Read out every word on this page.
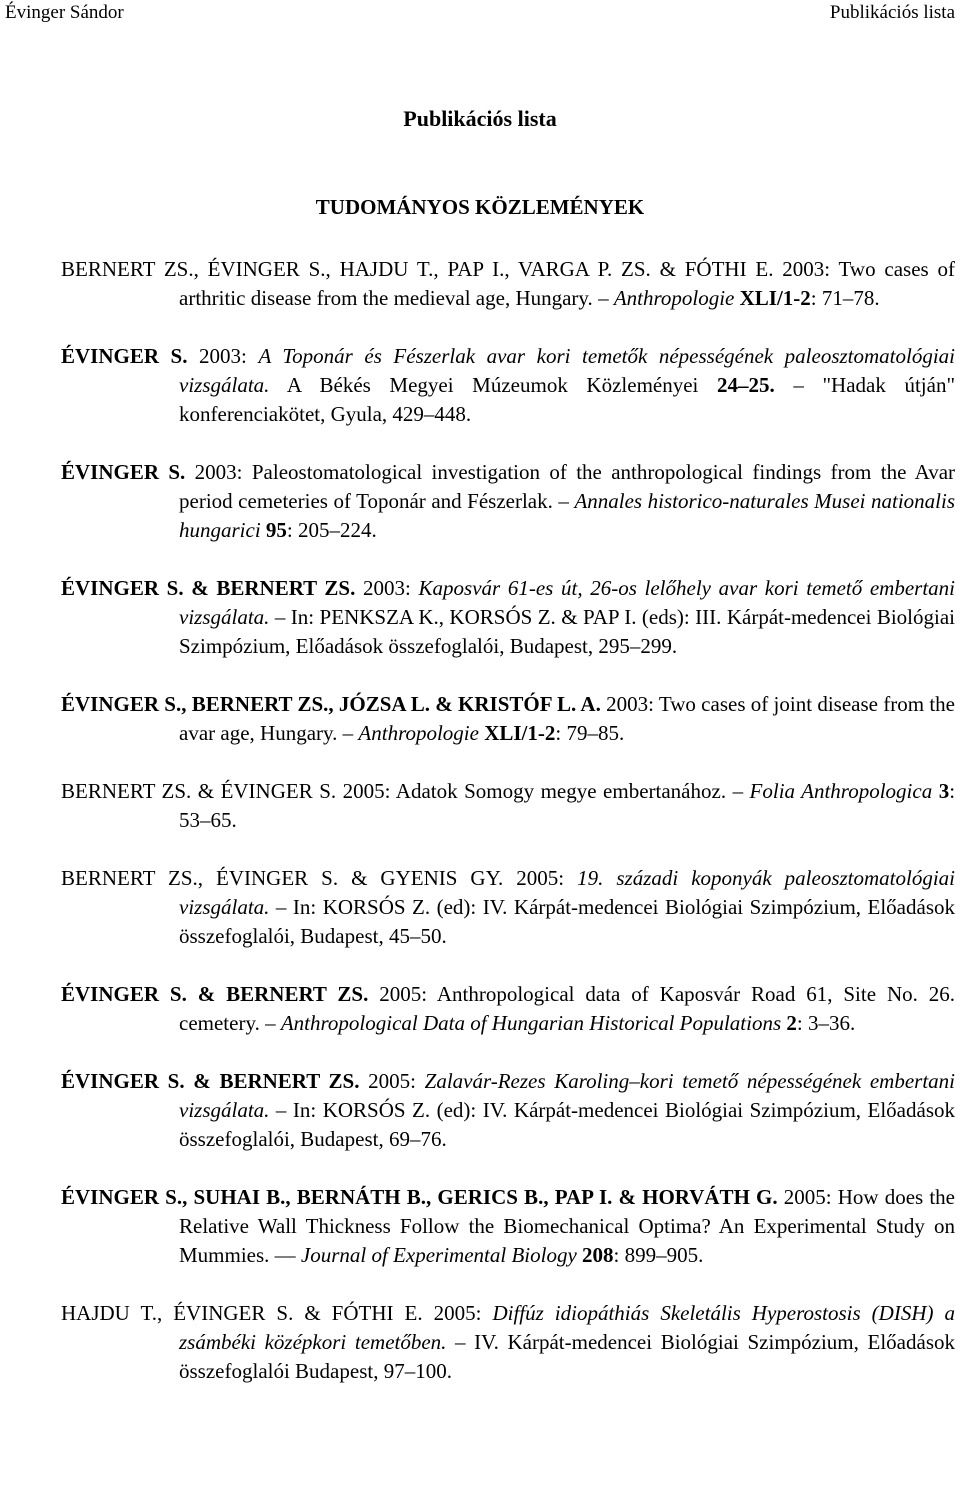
Évinger Sándor	Publikációs lista
Publikációs lista
TUDOMÁNYOS KÖZLEMÉNYEK

BERNERT ZS., ÉVINGER S., HAJDU T., PAP I., VARGA P. ZS. & FÓTHI E. 2003: Two cases of arthritic disease from the medieval age, Hungary. – Anthropologie XLI/1-2: 71–78.

ÉVINGER S. 2003: A Toponár és Fészerlak avar kori temetők népességének paleosztomatológiai vizsgálata. A Békés Megyei Múzeumok Közleményei 24–25. – "Hadak útján" konferenciakötet, Gyula, 429–448.

ÉVINGER S. 2003: Paleostomatological investigation of the anthropological findings from the Avar period cemeteries of Toponár and Fészerlak. – Annales historico-naturales Musei nationalis hungarici 95: 205–224.

ÉVINGER S. & BERNERT ZS. 2003: Kaposvár 61-es út, 26-os lelőhely avar kori temető embertani vizsgálata. – In: PENKSZA K., KORSÓS Z. & PAP I. (eds): III. Kárpát-medencei Biológiai Szimpózium, Előadások összefoglalói, Budapest, 295–299.

ÉVINGER S., BERNERT ZS., JÓZSA L. & KRISTÓF L. A. 2003: Two cases of joint disease from the avar age, Hungary. – Anthropologie XLI/1-2: 79–85.

BERNERT ZS. & ÉVINGER S. 2005: Adatok Somogy megye embertanához. – Folia Anthropologica 3: 53–65.

BERNERT ZS., ÉVINGER S. & GYENIS GY. 2005: 19. századi koponyák paleosztomatológiai vizsgálata. – In: KORSÓS Z. (ed): IV. Kárpát-medencei Biológiai Szimpózium, Előadások összefoglalói, Budapest, 45–50.

ÉVINGER S. & BERNERT ZS. 2005: Anthropological data of Kaposvár Road 61, Site No. 26. cemetery. – Anthropological Data of Hungarian Historical Populations 2: 3–36.

ÉVINGER S. & BERNERT ZS. 2005: Zalavár-Rezes Karoling–kori temető népességének embertani vizsgálata. – In: KORSÓS Z. (ed): IV. Kárpát-medencei Biológiai Szimpózium, Előadások összefoglalói, Budapest, 69–76.

ÉVINGER S., SUHAI B., BERNÁTH B., GERICS B., PAP I. & HORVÁTH G. 2005: How does the Relative Wall Thickness Follow the Biomechanical Optima? An Experimental Study on Mummies. — Journal of Experimental Biology 208: 899–905.

HAJDU T., ÉVINGER S. & FÓTHI E. 2005: Diffúz idiopáthiás Skeletális Hyperostosis (DISH) a zsámbéki középkori temetőben. – IV. Kárpát-medencei Biológiai Szimpózium, Előadások összefoglalói Budapest, 97–100.
